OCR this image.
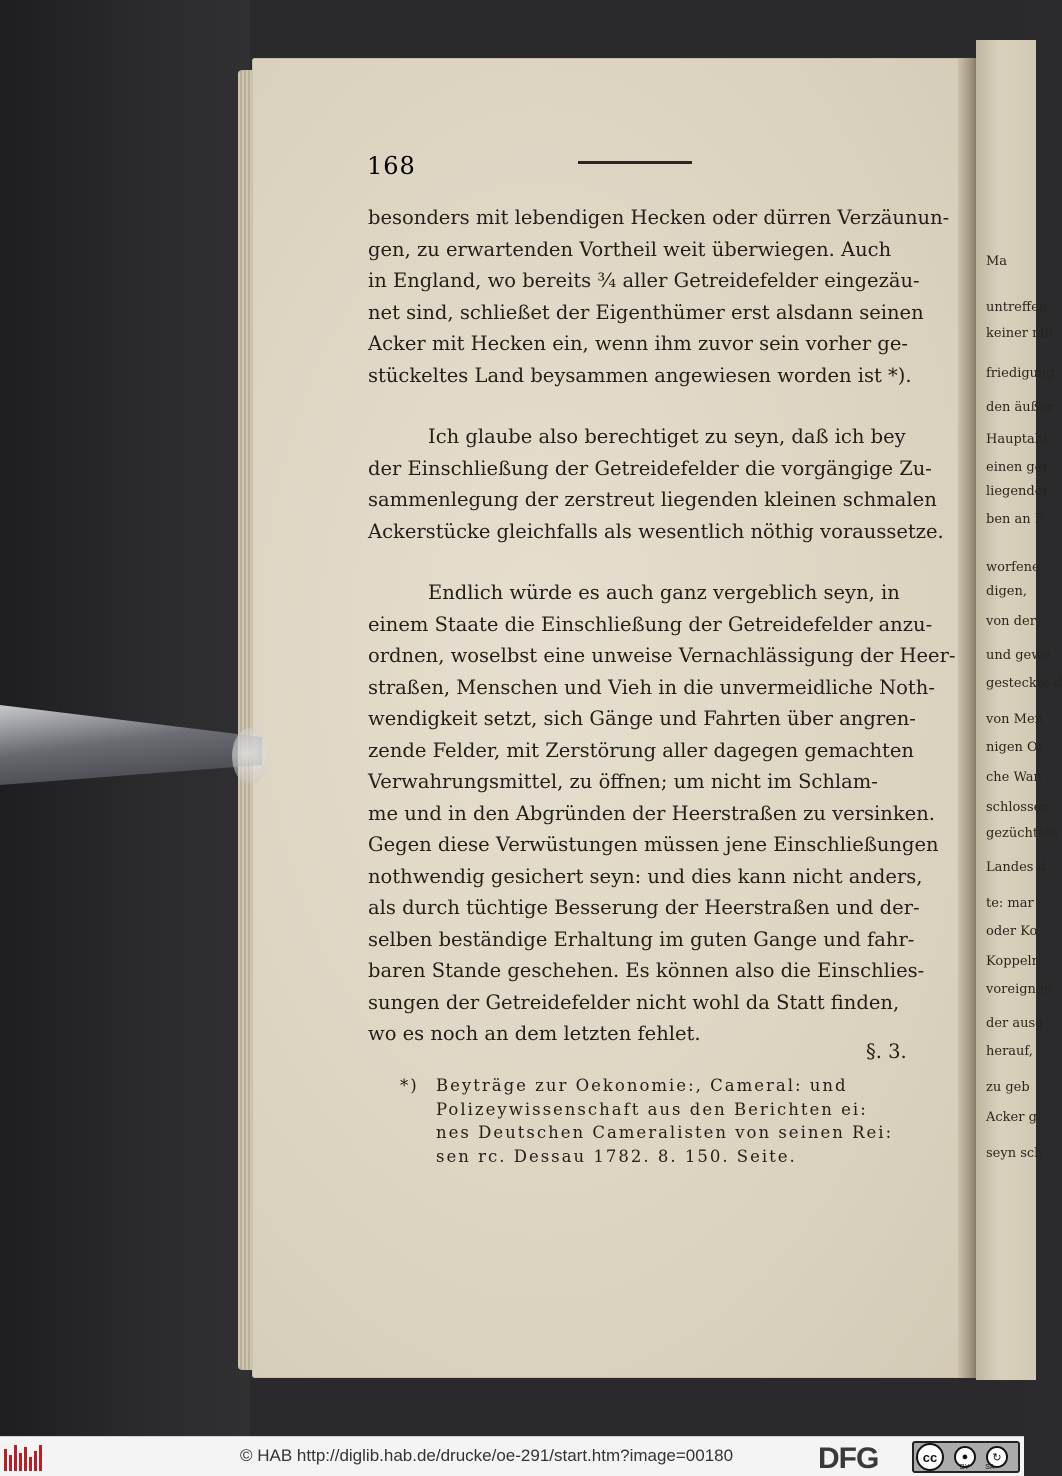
Ma
untreffen,
keiner mit
friedigung
den äußer
Hauptabt
einen ger
liegender
ben an F
worfene
digen,
von der
und gewo
gesteckte d
von Men
nigen Or
che Wan
schlossen
gezüchtete
Landes d
te: mar
oder Ko
Koppeln
voreignen
der ausg
herauf,
zu geb
Acker g
seyn sch
168
besonders mit lebendigen Hecken oder dürren Verzäunun-
gen, zu erwartenden Vortheil weit überwiegen. Auch
in England, wo bereits ¾ aller Getreidefelder eingezäu-
net sind, schließet der Eigenthümer erst alsdann seinen
Acker mit Hecken ein, wenn ihm zuvor sein vorher ge-
stückeltes Land beysammen angewiesen worden ist *).
Ich glaube also berechtiget zu seyn, daß ich bey
der Einschließung der Getreidefelder die vorgängige Zu-
sammenlegung der zerstreut liegenden kleinen schmalen
Ackerstücke gleichfalls als wesentlich nöthig voraussetze.
Endlich würde es auch ganz vergeblich seyn, in
einem Staate die Einschließung der Getreidefelder anzu-
ordnen, woselbst eine unweise Vernachlässigung der Heer-
straßen, Menschen und Vieh in die unvermeidliche Noth-
wendigkeit setzt, sich Gänge und Fahrten über angren-
zende Felder, mit Zerstörung aller dagegen gemachten
Verwahrungsmittel, zu öffnen; um nicht im Schlam-
me und in den Abgründen der Heerstraßen zu versinken.
Gegen diese Verwüstungen müssen jene Einschließungen
nothwendig gesichert seyn: und dies kann nicht anders,
als durch tüchtige Besserung der Heerstraßen und der-
selben beständige Erhaltung im guten Gange und fahr-
baren Stande geschehen. Es können also die Einschlies-
sungen der Getreidefelder nicht wohl da Statt finden,
wo es noch an dem letzten fehlet.
§. 3.
*)	Beyträge zur Oekonomie:, Cameral: und
Polizeywissenschaft aus den Berichten ei:
nes Deutschen Cameralisten von seinen Rei:
sen rc. Dessau 1782. 8. 150. Seite.
© HAB http://diglib.hab.de/drucke/oe-291/start.htm?image=00180	DFG	cc	●	↻
BY SA
